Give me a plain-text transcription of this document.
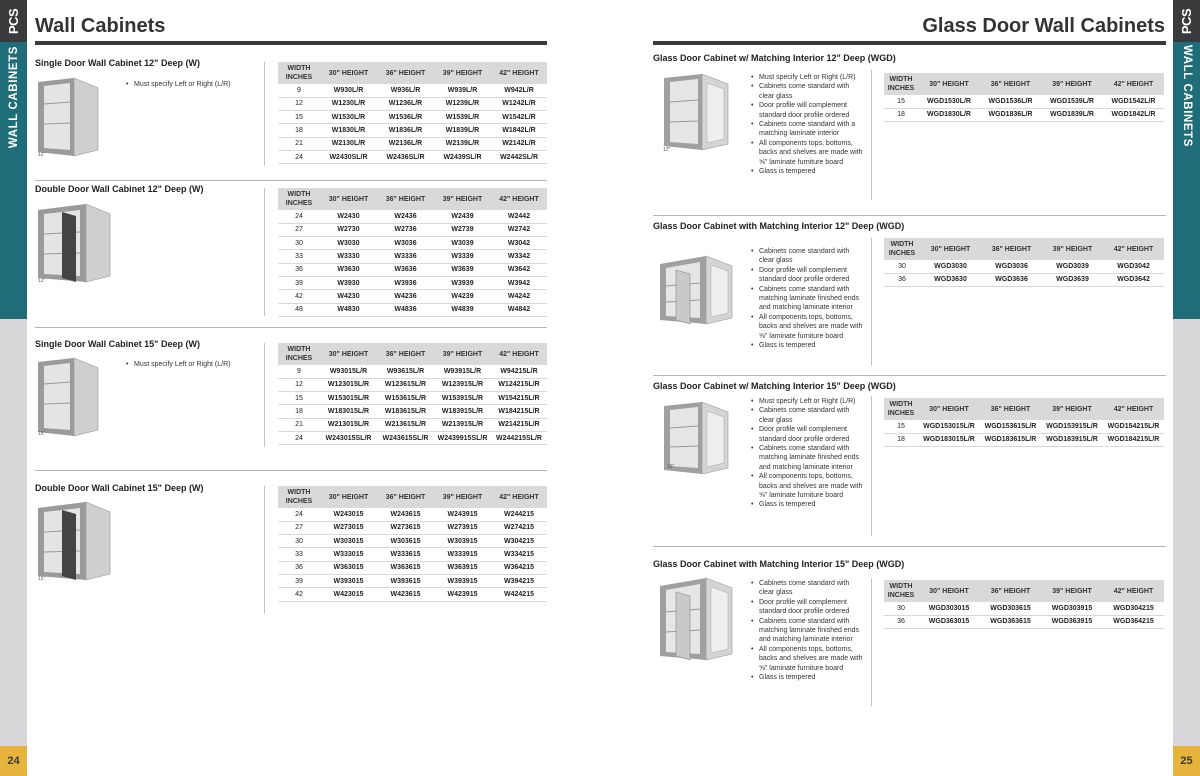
PCS
WALL CABINETS
24
PCS
WALL CABINETS
25
Wall Cabinets	Glass Door Wall Cabinets
Single Door Wall Cabinet 12" Deep (W)
12"
• Must specify Left or Right (L/R)
WIDTH INCHES	30" HEIGHT	36" HEIGHT	39" HEIGHT	42" HEIGHT
9	W930L/R	W936L/R	W939L/R	W942L/R
12	W1230L/R	W1236L/R	W1239L/R	W1242L/R
15	W1530L/R	W1536L/R	W1539L/R	W1542L/R
18	W1830L/R	W1836L/R	W1839L/R	W1842L/R
21	W2130L/R	W2136L/R	W2139L/R	W2142L/R
24	W2430SL/R	W2436SL/R	W2439SL/R	W2442SL/R
Double Door Wall Cabinet 12" Deep (W)
12"
WIDTH INCHES	30" HEIGHT	36" HEIGHT	39" HEIGHT	42" HEIGHT
24	W2430	W2436	W2439	W2442
27	W2730	W2736	W2739	W2742
30	W3030	W3036	W3039	W3042
33	W3330	W3336	W3339	W3342
36	W3630	W3636	W3639	W3642
39	W3930	W3936	W3939	W3942
42	W4230	W4236	W4239	W4242
48	W4830	W4836	W4839	W4842
Single Door Wall Cabinet 15" Deep (W)
15"
• Must specify Left or Right (L/R)
WIDTH INCHES	30" HEIGHT	36" HEIGHT	39" HEIGHT	42" HEIGHT
9	W93015L/R	W93615L/R	W93915L/R	W94215L/R
12	W123015L/R	W123615L/R	W123915L/R	W124215L/R
15	W153015L/R	W153615L/R	W153915L/R	W154215L/R
18	W183015L/R	W183615L/R	W183915L/R	W184215L/R
21	W213015L/R	W213615L/R	W213915L/R	W214215L/R
24	W243015SL/R	W243615SL/R	W2439915SL/R	W244215SL/R
Double Door Wall Cabinet 15" Deep (W)
15"
WIDTH INCHES	30" HEIGHT	36" HEIGHT	39" HEIGHT	42" HEIGHT
24	W243015	W243615	W243915	W244215
27	W273015	W273615	W273915	W274215
30	W303015	W303615	W303915	W304215
33	W333015	W333615	W333915	W334215
36	W363015	W363615	W363915	W364215
39	W393015	W393615	W393915	W394215
42	W423015	W423615	W423915	W424215
Glass Door Cabinet w/ Matching Interior 12" Deep (WGD)
12"
• Must specify Left or Right (L/R)
• Cabinets come standard with clear glass
• Door profile will complement standard door profile ordered
• Cabinets come standard with a matching laminate interior
• All components tops, bottoms, backs and shelves are made with ⅝" laminate furniture board
• Glass is tempered
WIDTH INCHES	30" HEIGHT	36" HEIGHT	39" HEIGHT	42" HEIGHT
15	WGD1530L/R	WGD1536L/R	WGD1539L/R	WGD1542L/R
18	WGD1830L/R	WGD1836L/R	WGD1839L/R	WGD1842L/R
Glass Door Cabinet with Matching Interior 12" Deep (WGD)
• Cabinets come standard with clear glass
• Door profile will complement standard door profile ordered
• Cabinets come standard with matching laminate finished ends and matching laminate interior
• All components tops, bottoms, backs and shelves are made with ⅝" laminate furniture board
• Glass is tempered
WIDTH INCHES	30" HEIGHT	36" HEIGHT	39" HEIGHT	42" HEIGHT
30	WGD3030	WGD3036	WGD3039	WGD3042
36	WGD3630	WGD3636	WGD3639	WGD3642
Glass Door Cabinet w/ Matching Interior 15" Deep (WGD)
15"
• Must specify Left or Right (L/R)
• Cabinets come standard with clear glass
• Door profile will complement standard door profile ordered
• Cabinets come standard with matching laminate finished ends and matching laminate interior
• All components tops, bottoms, backs and shelves are made with ⅝" laminate furniture board
• Glass is tempered
WIDTH INCHES	30" HEIGHT	36" HEIGHT	39" HEIGHT	42" HEIGHT
15	WGD153015L/R	WGD153615L/R	WGD153915L/R	WGD154215L/R
18	WGD183015L/R	WGD183615L/R	WGD183915L/R	WGD184215L/R
Glass Door Cabinet with Matching Interior 15" Deep (WGD)
• Cabinets come standard with clear glass
• Door profile will complement standard door profile ordered
• Cabinets come standard with matching laminate finished ends and matching laminate interior
• All components tops, bottoms, backs and shelves are made with ⅝" laminate furniture board
• Glass is tempered
WIDTH INCHES	30" HEIGHT	36" HEIGHT	39" HEIGHT	42" HEIGHT
30	WGD303015	WGD303615	WGD303915	WGD304215
36	WGD363015	WGD363615	WGD363915	WGD364215
